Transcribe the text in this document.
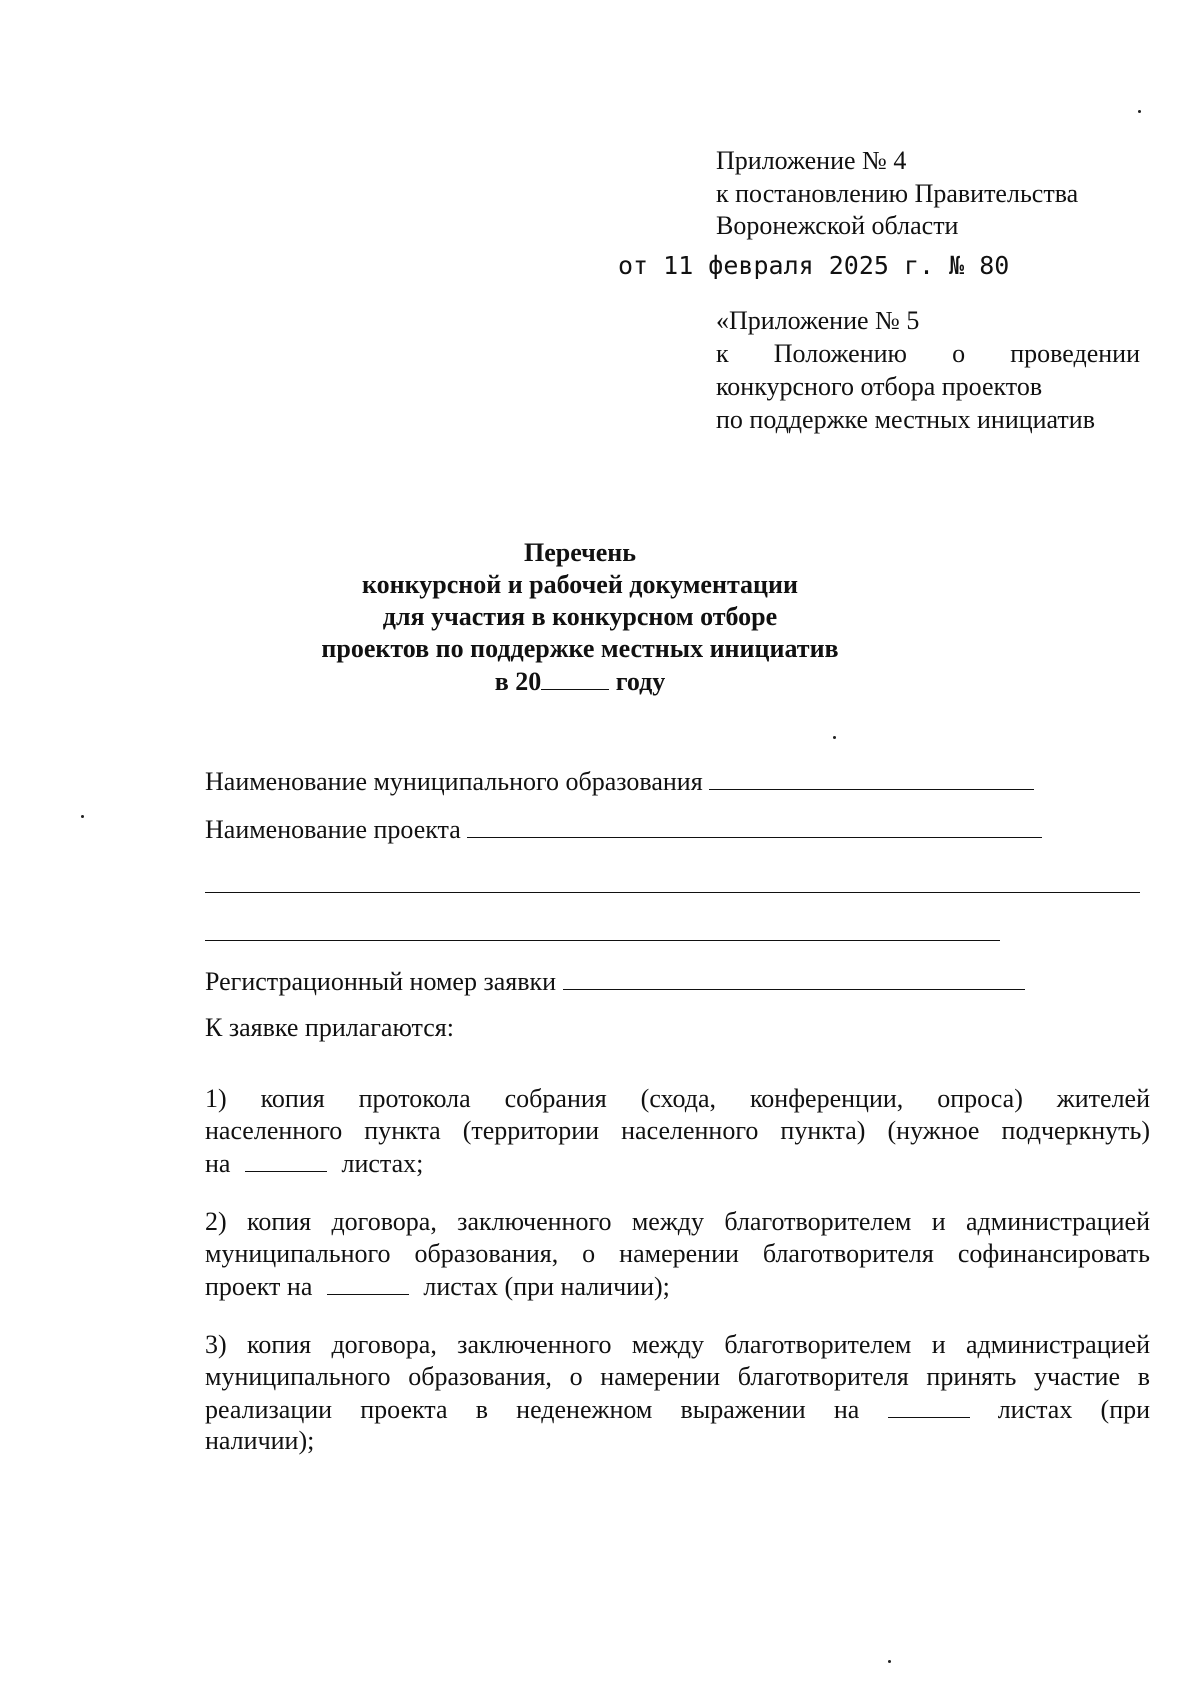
Приложение № 4
к постановлению Правительства
Воронежской области
от 11 февраля 2025 г. № 80
«Приложение № 5
к Положению о проведении
конкурсного отбора проектов
по поддержке местных инициатив
Перечень
конкурсной и рабочей документации
для участия в конкурсном отборе
проектов по поддержке местных инициатив
в 20	году
Наименование муниципального образования
Наименование проекта
Регистрационный номер заявки
К заявке прилагаются:
1) копия протокола собрания (схода, конференции, опроса) жителей
населенного пункта (территории населенного пункта) (нужное подчеркнуть)
на	листах;
2) копия договора, заключенного между благотворителем и администрацией
муниципального образования, о намерении благотворителя софинансировать
проект на	листах (при наличии);
3) копия договора, заключенного между благотворителем и администрацией
муниципального образования, о намерении благотворителя принять участие в
реализации проекта в неденежном выражении на	листах (при
наличии);
